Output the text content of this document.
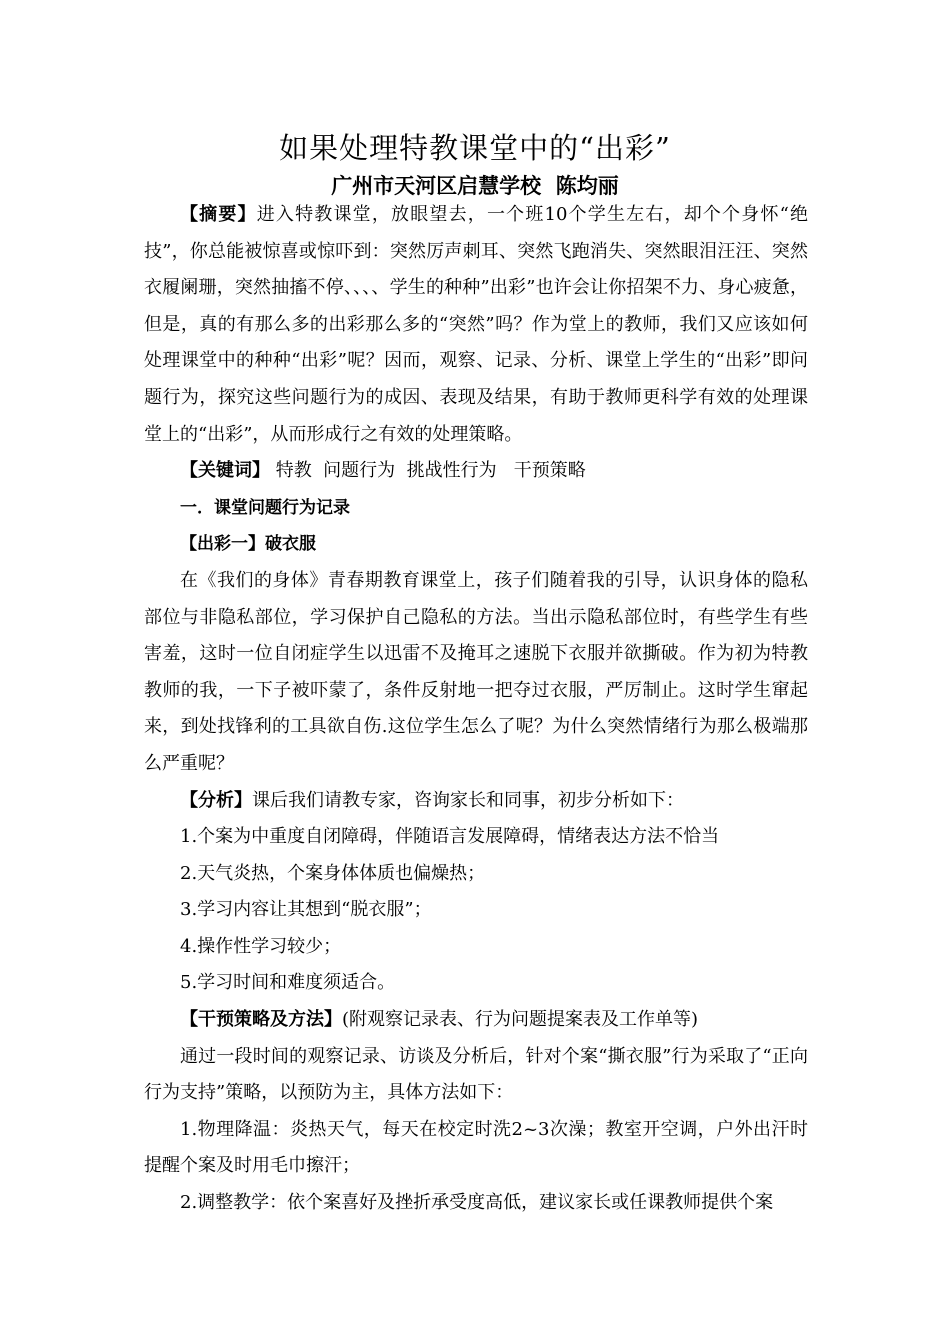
如果处理特教课堂中的“出彩”
广州市天河区启慧学校  陈均丽

【摘要】进入特教课堂，放眼望去，一个班10个学生左右，却个个身怀“绝技”，你总能被惊喜或惊吓到：突然厉声刺耳、突然飞跑消失、突然眼泪汪汪、突然衣履阑珊，突然抽搐不停、、、、学生的种种”出彩”也许会让你招架不力、身心疲惫，但是，真的有那么多的出彩那么多的“突然”吗？作为堂上的教师，我们又应该如何处理课堂中的种种“出彩”呢？因而，观察、记录、分析、课堂上学生的“出彩”即问题行为，探究这些问题行为的成因、表现及结果，有助于教师更科学有效的处理课堂上的“出彩”，从而形成行之有效的处理策略。

【关键词】 特教  问题行为  挑战性行为   干预策略

一．课堂问题行为记录

【出彩一】破衣服

在《我们的身体》青春期教育课堂上，孩子们随着我的引导，认识身体的隐私部位与非隐私部位，学习保护自己隐私的方法。当出示隐私部位时，有些学生有些害羞，这时一位自闭症学生以迅雷不及掩耳之速脱下衣服并欲撕破。作为初为特教教师的我，一下子被吓蒙了，条件反射地一把夺过衣服，严厉制止。这时学生窜起来，到处找锋利的工具欲自伤.这位学生怎么了呢？为什么突然情绪行为那么极端那么严重呢？

【分析】课后我们请教专家，咨询家长和同事，初步分析如下：

1.个案为中重度自闭障碍，伴随语言发展障碍，情绪表达方法不恰当

2.天气炎热，个案身体体质也偏燥热；

3.学习内容让其想到“脱衣服”；

4.操作性学习较少；

5.学习时间和难度须适合。

【干预策略及方法】(附观察记录表、行为问题提案表及工作单等)

通过一段时间的观察记录、访谈及分析后，针对个案“撕衣服”行为采取了“正向行为支持”策略，以预防为主，具体方法如下：

1.物理降温：炎热天气，每天在校定时洗2~3次澡；教室开空调，户外出汗时提醒个案及时用毛巾擦汗；

2.调整教学：依个案喜好及挫折承受度高低，建议家长或任课教师提供个案
